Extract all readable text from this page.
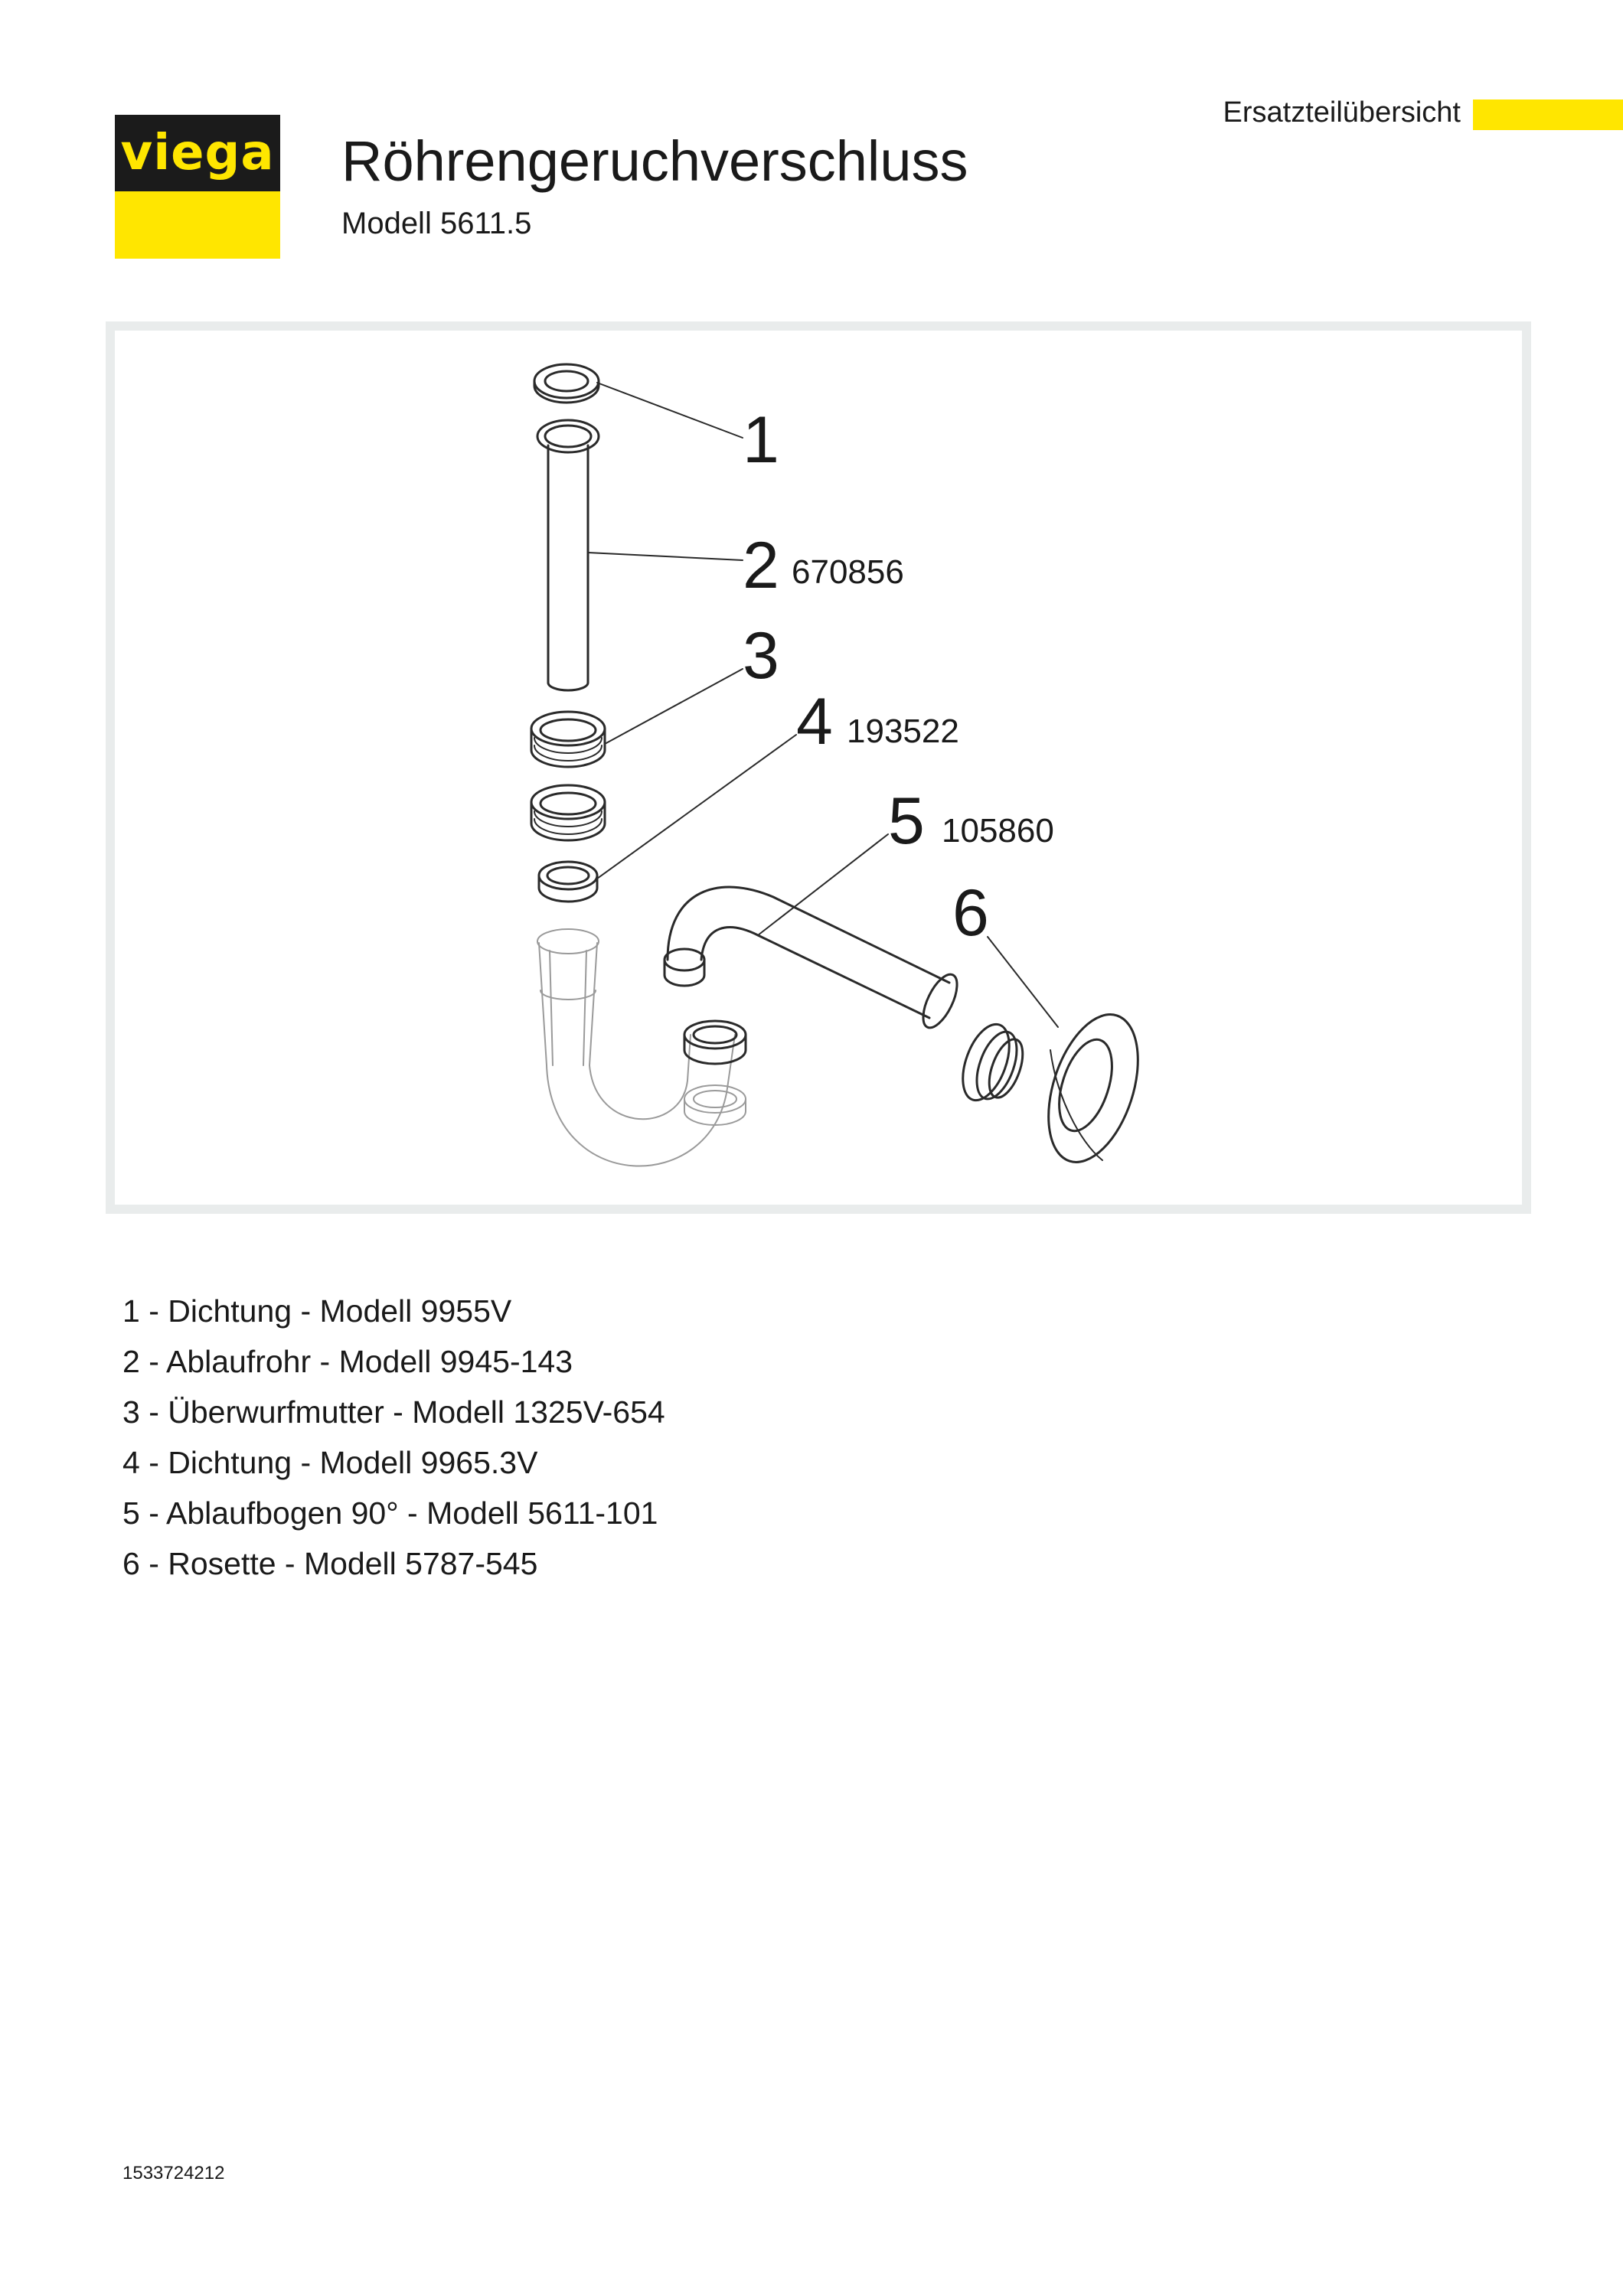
viega Röhrengeruchverschluss
Modell 5611.5
Ersatzteilübersicht
1
2 670856
3
4 193522
5 105860
6
1 - Dichtung - Modell 9955V
2 - Ablaufrohr - Modell 9945-143
3 - Überwurfmutter - Modell 1325V-654
4 - Dichtung - Modell 9965.3V
5 - Ablaufbogen 90° - Modell 5611-101
6 - Rosette - Modell 5787-545
1533724212
